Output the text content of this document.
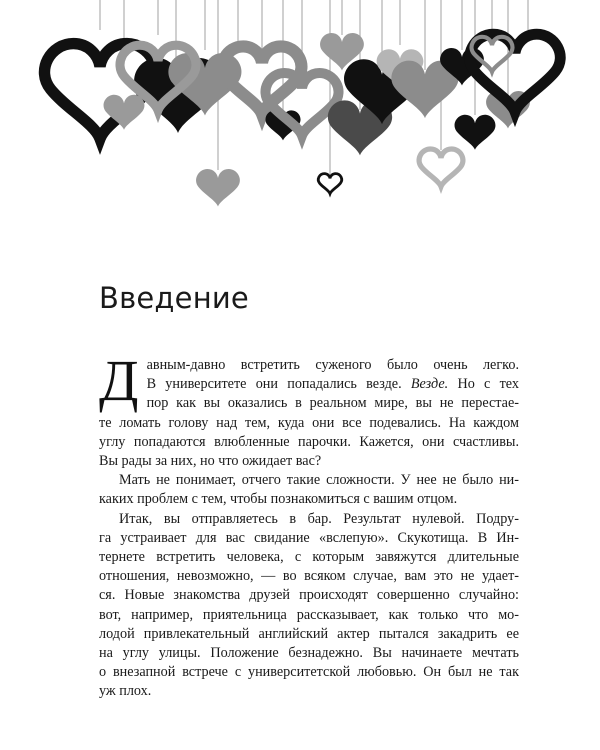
Введение
Д авным-давно встретить суженого было очень легко.
В университете они попадались везде. Везде. Но с тех
пор как вы оказались в реальном мире, вы не перестае-
те ломать голову над тем, куда они все подевались. На каждом
углу попадаются влюбленные парочки. Кажется, они счастливы.
Вы рады за них, но что ожидает вас?
Мать не понимает, отчего такие сложности. У нее не было ни-
каких проблем с тем, чтобы познакомиться с вашим отцом.
Итак, вы отправляетесь в бар. Результат нулевой. Подру-
га устраивает для вас свидание «вслепую». Скукотища. В Ин-
тернете встретить человека, с которым завяжутся длительные
отношения, невозможно, — во всяком случае, вам это не удает-
ся. Новые знакомства друзей происходят совершенно случайно:
вот, например, приятельница рассказывает, как только что мо-
лодой привлекательный английский актер пытался закадрить ее
на углу улицы. Положение безнадежно. Вы начинаете мечтать
о внезапной встрече с университетской любовью. Он был не так
уж плох.
